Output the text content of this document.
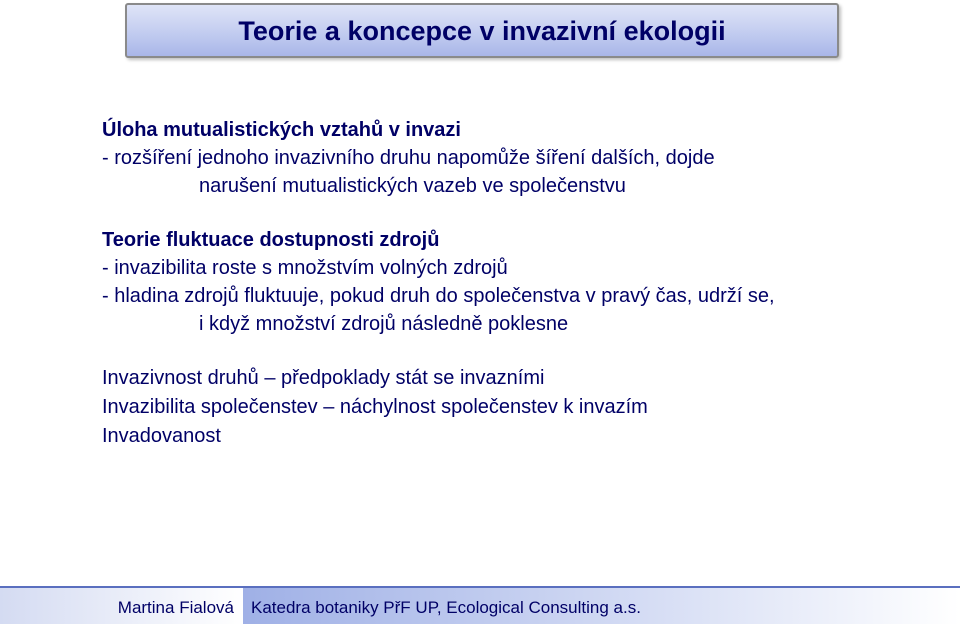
Teorie a koncepce v invazivní ekologii
Úloha mutualistických vztahů v invazi
- rozšíření jednoho invazivního druhu napomůže šíření dalších, dojde
narušení mutualistických vazeb ve společenstvu
Teorie fluktuace dostupnosti zdrojů
- invazibilita roste s množstvím volných zdrojů
- hladina zdrojů fluktuuje, pokud druh do společenstva v pravý čas, udrží se,
i když množství zdrojů následně poklesne
Invazivnost druhů – předpoklady stát se invazními
Invazibilita společenstev – náchylnost společenstev k invazím
Invadovanost
Martina Fialová Katedra botaniky PřF UP, Ecological Consulting a.s.
